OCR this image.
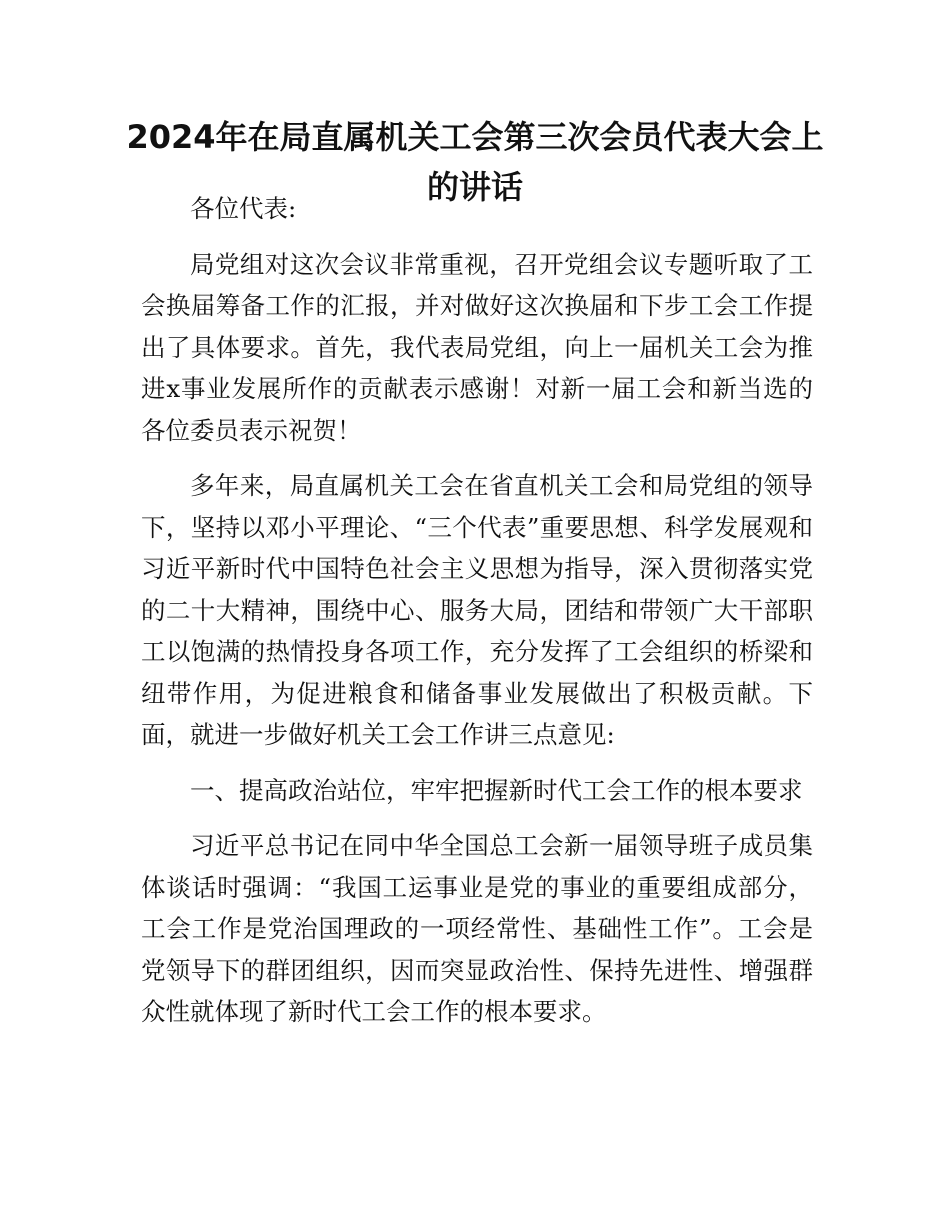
2024年在局直属机关工会第三次会员代表大会上的讲话

各位代表:

局党组对这次会议非常重视，召开党组会议专题听取了工会换届筹备工作的汇报，并对做好这次换届和下步工会工作提出了具体要求。首先，我代表局党组，向上一届机关工会为推进x事业发展所作的贡献表示感谢！对新一届工会和新当选的各位委员表示祝贺！

多年来，局直属机关工会在省直机关工会和局党组的领导下，坚持以邓小平理论、“三个代表”重要思想、科学发展观和习近平新时代中国特色社会主义思想为指导，深入贯彻落实党的二十大精神，围绕中心、服务大局，团结和带领广大干部职工以饱满的热情投身各项工作，充分发挥了工会组织的桥梁和纽带作用，为促进粮食和储备事业发展做出了积极贡献。下面，就进一步做好机关工会工作讲三点意见:

一、提高政治站位，牢牢把握新时代工会工作的根本要求

习近平总书记在同中华全国总工会新一届领导班子成员集体谈话时强调：“我国工运事业是党的事业的重要组成部分，工会工作是党治国理政的一项经常性、基础性工作”。工会是党领导下的群团组织，因而突显政治性、保持先进性、增强群众性就体现了新时代工会工作的根本要求。
